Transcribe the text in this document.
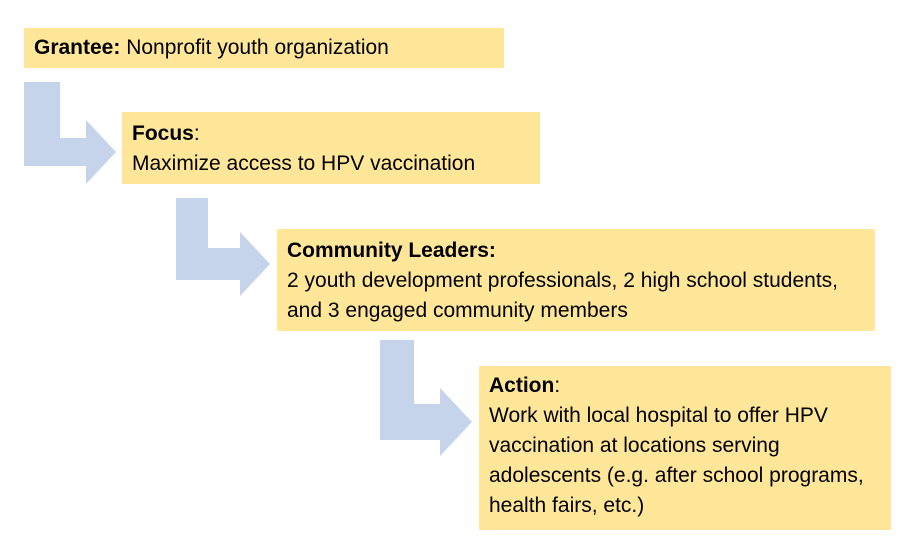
Grantee: Nonprofit youth organization
Focus:
Maximize access to HPV vaccination
Community Leaders:
2 youth development professionals, 2 high school students, and 3 engaged community members
Action:
Work with local hospital to offer HPV vaccination at locations serving adolescents (e.g. after school programs, health fairs, etc.)
